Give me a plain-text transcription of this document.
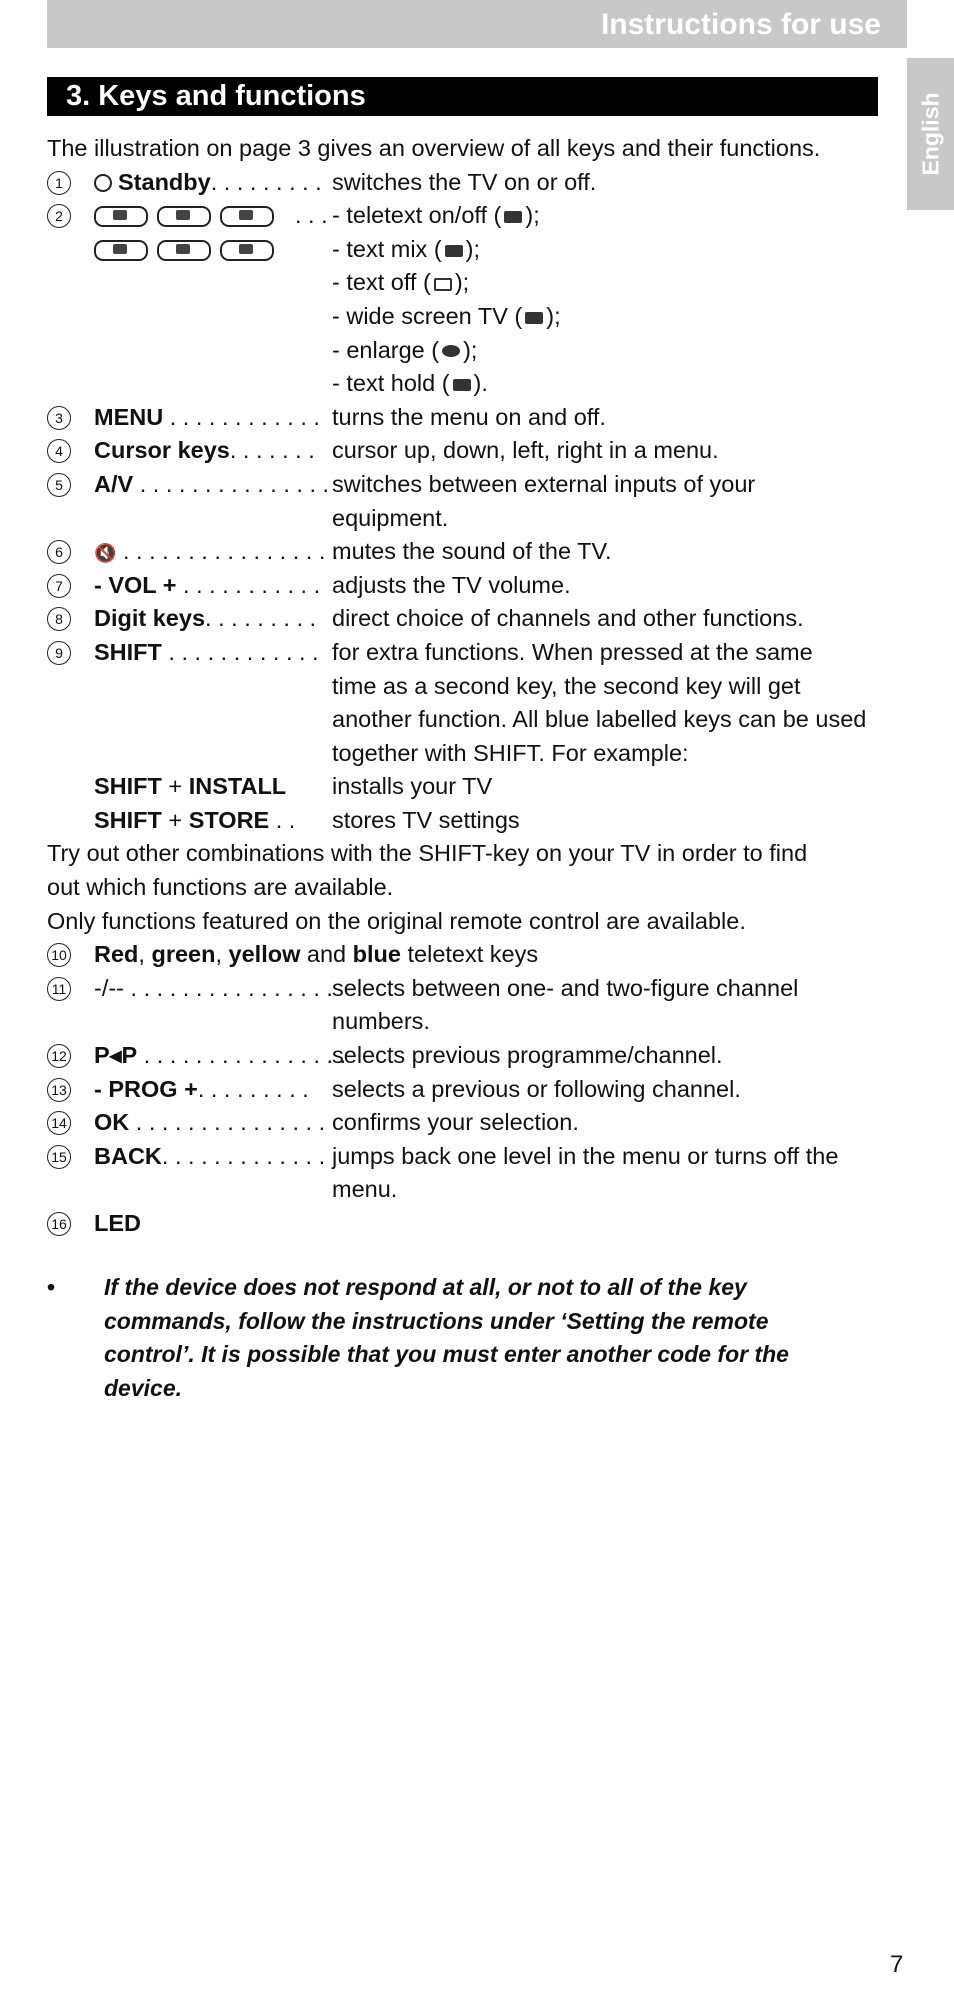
Instructions for use
English
3. Keys and functions
The illustration on page 3 gives an overview of all keys and their functions.
1	Standby. . . . . . . . . switches the TV on or off.
2	. . . - teletext on/off ( );
- text mix ( );
- text off ( );
- wide screen TV ( );
- enlarge ( );
- text hold ( ).
3	MENU . . . . . . . . . . . . turns the menu on and off.
4	Cursor keys. . . . . . . cursor up, down, left, right in a menu.
5	A/V . . . . . . . . . . . . . . . switches between external inputs of your
equipment.
6	🔇 . . . . . . . . . . . . . . . . . .
mutes the sound of the TV.
7	- VOL + . . . . . . . . . . . adjusts the TV volume.
8	Digit keys. . . . . . . . . direct choice of channels and other functions.
9	SHIFT . . . . . . . . . . . . for extra functions. When pressed at the same
time as a second key, the second key will get
another function. All blue labelled keys can be used
together with SHIFT. For example:
SHIFT + INSTALL installs your TV
SHIFT + STORE . . stores TV settings
Try out other combinations with the SHIFT-key on your TV in order to find
out which functions are available.
Only functions featured on the original remote control are available.
10 Red, green, yellow and blue teletext keys
11 -/-- . . . . . . . . . . . . . . . . selects between one- and two-figure channel
numbers.
12 P◂P . . . . . . . . . . . . . . . .
selects previous programme/channel.
13 - PROG +. . . . . . . . . selects a previous or following channel.
14 OK . . . . . . . . . . . . . . . confirms your selection.
15 BACK. . . . . . . . . . . . . jumps back one level in the menu or turns off the
menu.
16 LED
• If the device does not respond at all, or not to all of the key commands, follow the instructions under ‘Setting the remote control’. It is possible that you must enter another code for the device.
7
